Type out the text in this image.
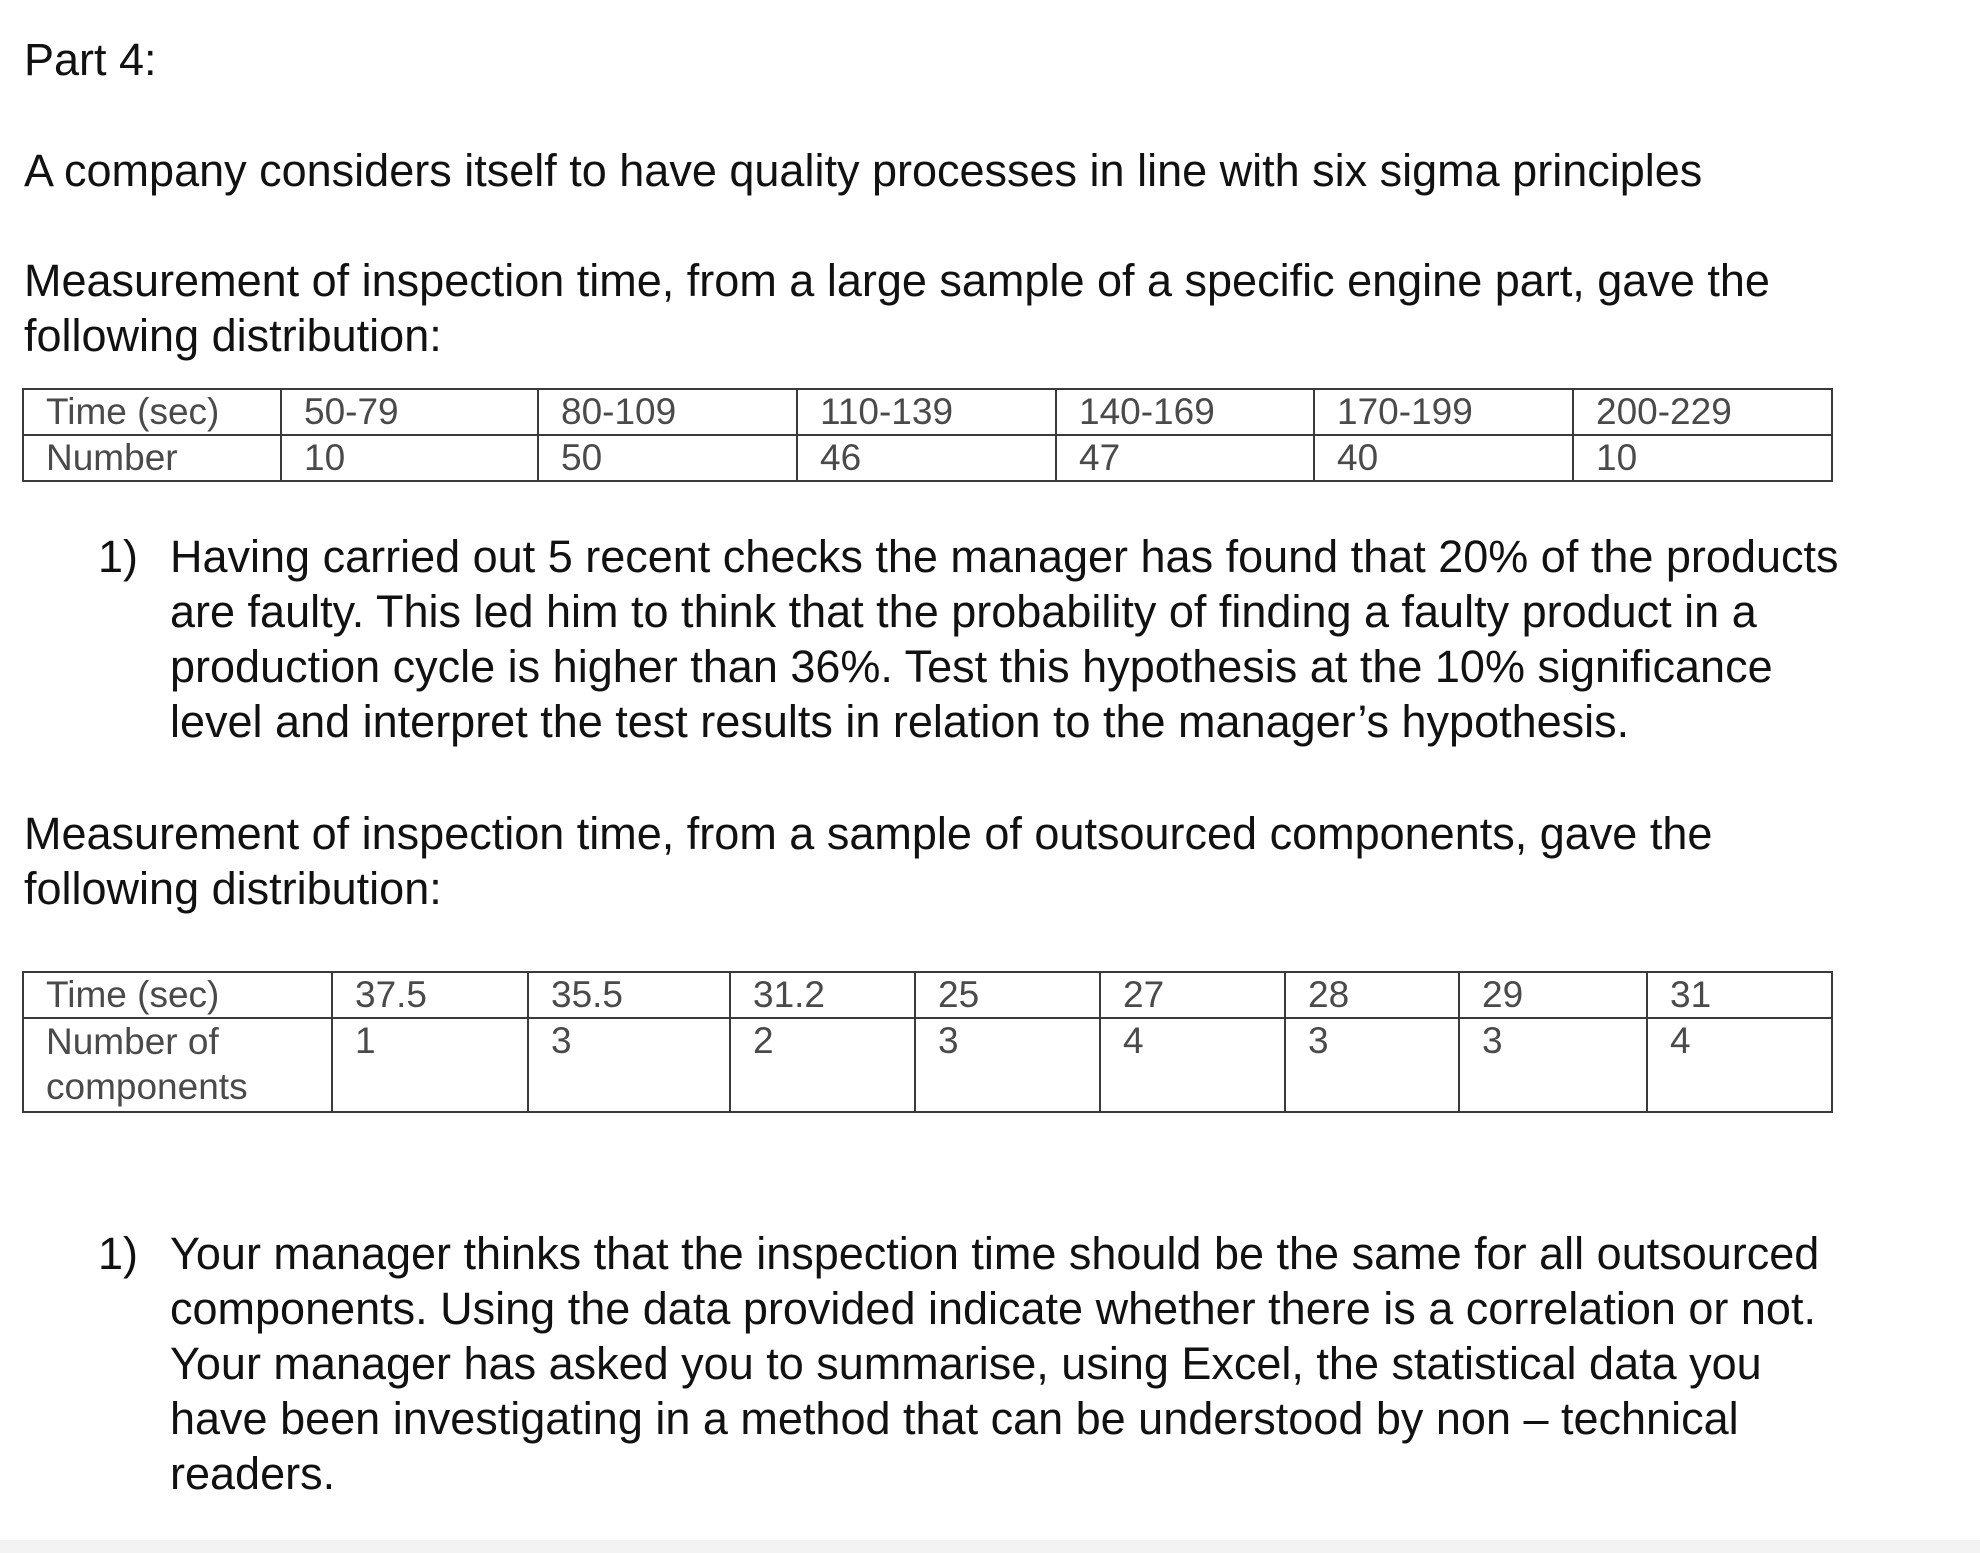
Part 4:

A company considers itself to have quality processes in line with six sigma principles

Measurement of inspection time, from a large sample of a specific engine part, gave the
following distribution:
Time (sec)	50-79	80-109	110-139	140-169	170-199	200-229
Number	10	50	46	47	40	10
1) Having carried out 5 recent checks the manager has found that 20% of the products
are faulty. This led him to think that the probability of finding a faulty product in a
production cycle is higher than 36%. Test this hypothesis at the 10% significance
level and interpret the test results in relation to the manager’s hypothesis.
Measurement of inspection time, from a sample of outsourced components, gave the
following distribution:
Time (sec)	37.5	35.5	31.2	25	27	28	29	31
Number of components	1	3	2	3	4	3	3	4
1) Your manager thinks that the inspection time should be the same for all outsourced
components. Using the data provided indicate whether there is a correlation or not.
Your manager has asked you to summarise, using Excel, the statistical data you
have been investigating in a method that can be understood by non – technical
readers.
